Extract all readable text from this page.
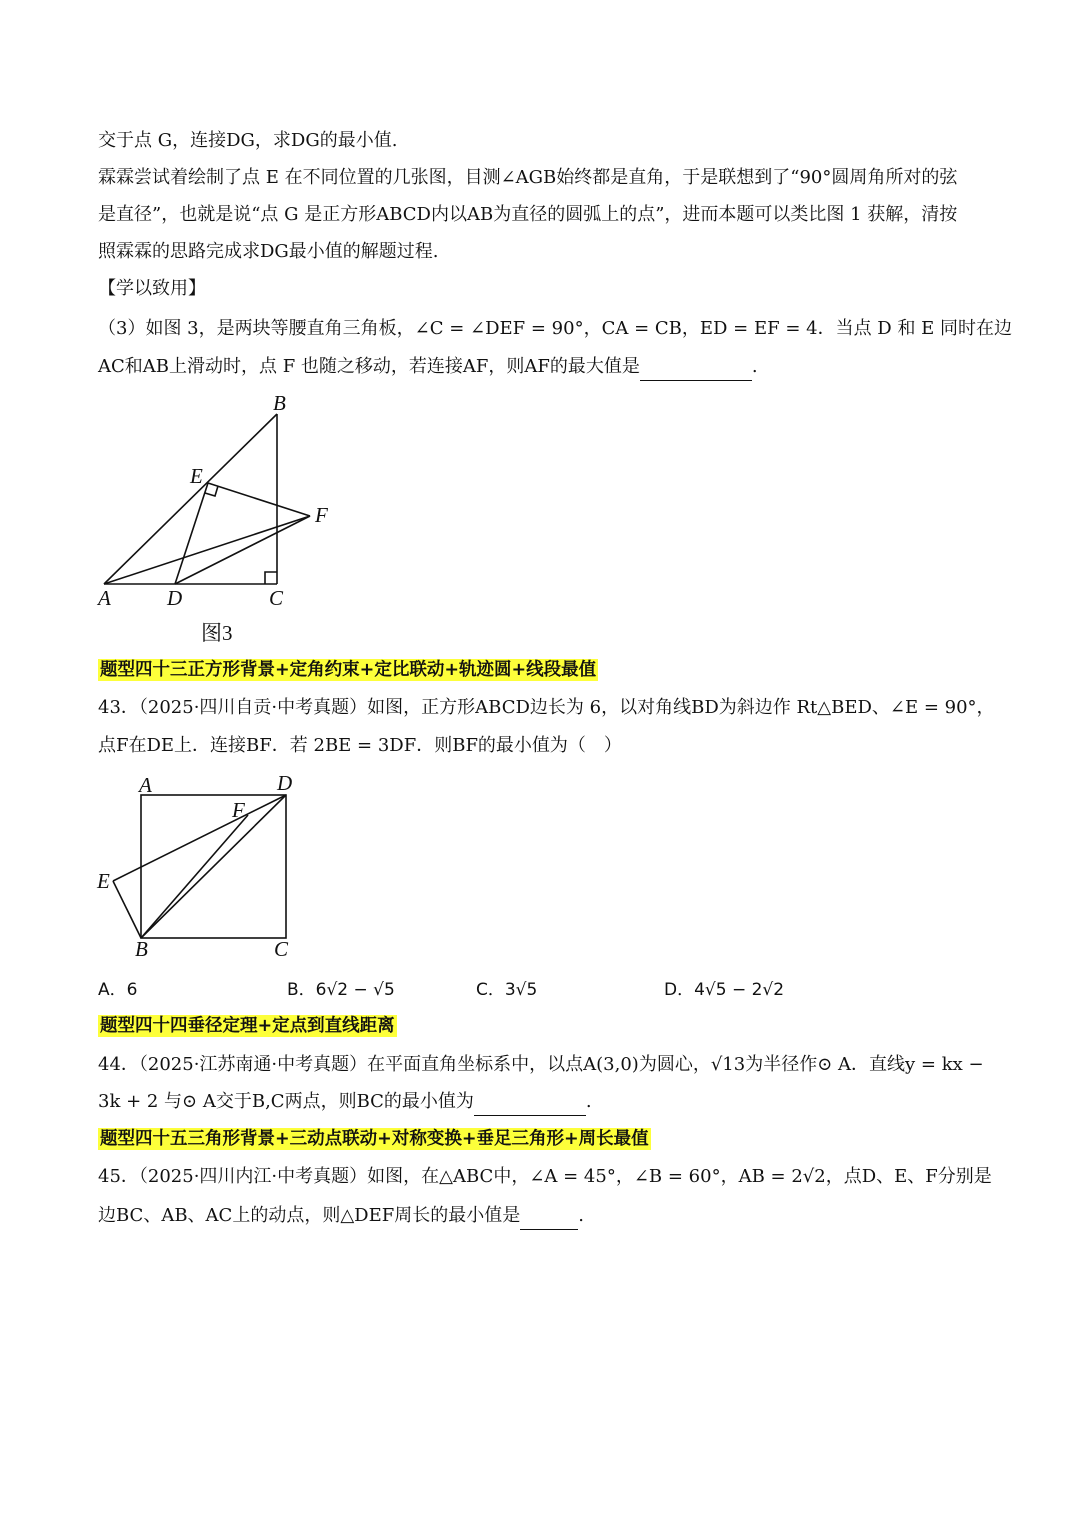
交于点 G，连接DG，求DG的最小值.
霖霖尝试着绘制了点 E 在不同位置的几张图，目测∠AGB始终都是直角，于是联想到了“90°圆周角所对的弦
是直径”，也就是说“点 G 是正方形ABCD内以AB为直径的圆弧上的点”，进而本题可以类比图 1 获解，清按
照霖霖的思路完成求DG最小值的解题过程.
【学以致用】
（3）如图 3，是两块等腰直角三角板，∠C = ∠DEF = 90°，CA = CB，ED = EF = 4．当点 D 和 E 同时在边
AC和AB上滑动时，点 F 也随之移动，若连接AF，则AF的最大值是	.
B
E
F
A	D	C
图3
题型四十三正方形背景+定角约束+定比联动+轨迹圆+线段最值
43．（2025·四川自贡·中考真题）如图，正方形ABCD边长为 6，以对角线BD为斜边作 Rt△BED、∠E = 90°，
点F在DE上．连接BF．若 2BE = 3DF．则BF的最小值为（　）
A	D
F
E
B	C
A．6	B．6√2 − √5	C．3√5	D．4√5 − 2√2
题型四十四垂径定理+定点到直线距离
44．（2025·江苏南通·中考真题）在平面直角坐标系中，以点A(3,0)为圆心，√13为半径作⊙ A．直线y = kx −
3k + 2 与⊙ A交于B,C两点，则BC的最小值为	.
题型四十五三角形背景+三动点联动+对称变换+垂足三角形+周长最值
45．（2025·四川内江·中考真题）如图，在△ABC中，∠A = 45°，∠B = 60°，AB = 2√2，点D、E、F分别是
边BC、AB、AC上的动点，则△DEF周长的最小值是	.
